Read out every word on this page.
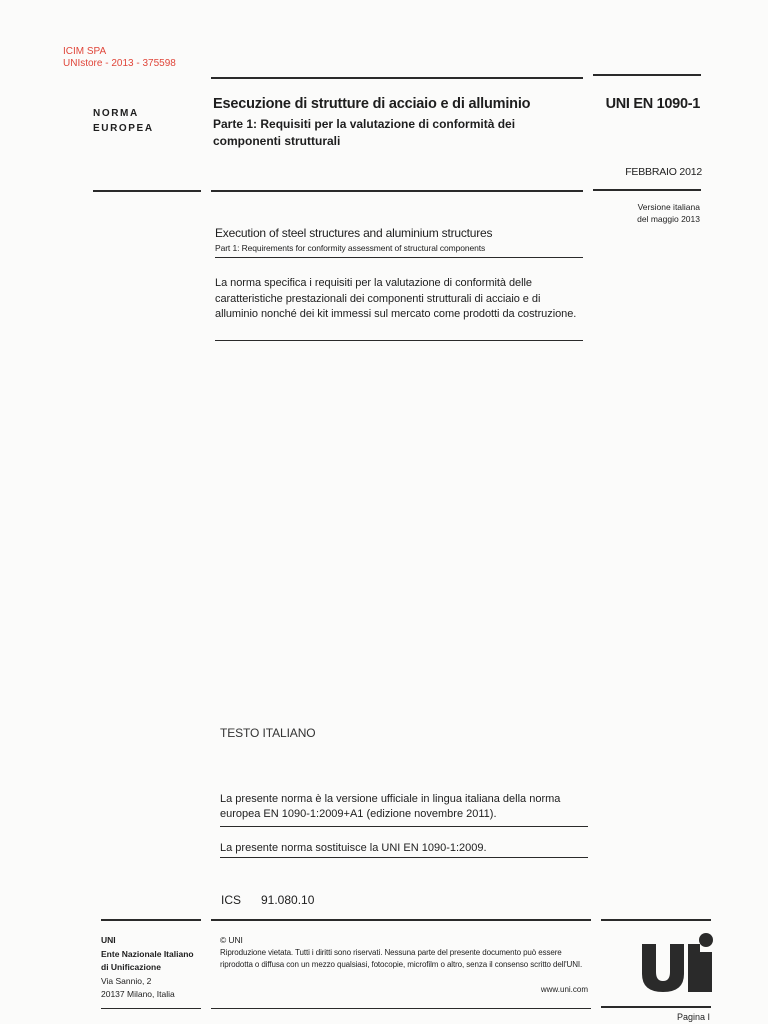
ICIM SPA
UNIstore - 2013 - 375598
NORMA
EUROPEA
Esecuzione di strutture di acciaio e di alluminio
Parte 1: Requisiti per la valutazione di conformità dei componenti strutturali
UNI EN 1090-1
FEBBRAIO 2012
Versione italiana
del maggio 2013
Execution of steel structures and aluminium structures
Part 1: Requirements for conformity assessment of structural components
La norma specifica i requisiti per la valutazione di conformità delle caratteristiche prestazionali dei componenti strutturali di acciaio e di alluminio nonché dei kit immessi sul mercato come prodotti da costruzione.
TESTO ITALIANO
La presente norma è la versione ufficiale in lingua italiana della norma europea EN 1090-1:2009+A1 (edizione novembre 2011).
La presente norma sostituisce la UNI EN 1090-1:2009.
ICS 91.080.10
UNI
Ente Nazionale Italiano
di Unificazione
Via Sannio, 2
20137 Milano, Italia
© UNI
Riproduzione vietata. Tutti i diritti sono riservati. Nessuna parte del presente documento può essere riprodotta o diffusa con un mezzo qualsiasi, fotocopie, microfilm o altro, senza il consenso scritto dell'UNI.
www.uni.com
Pagina I
